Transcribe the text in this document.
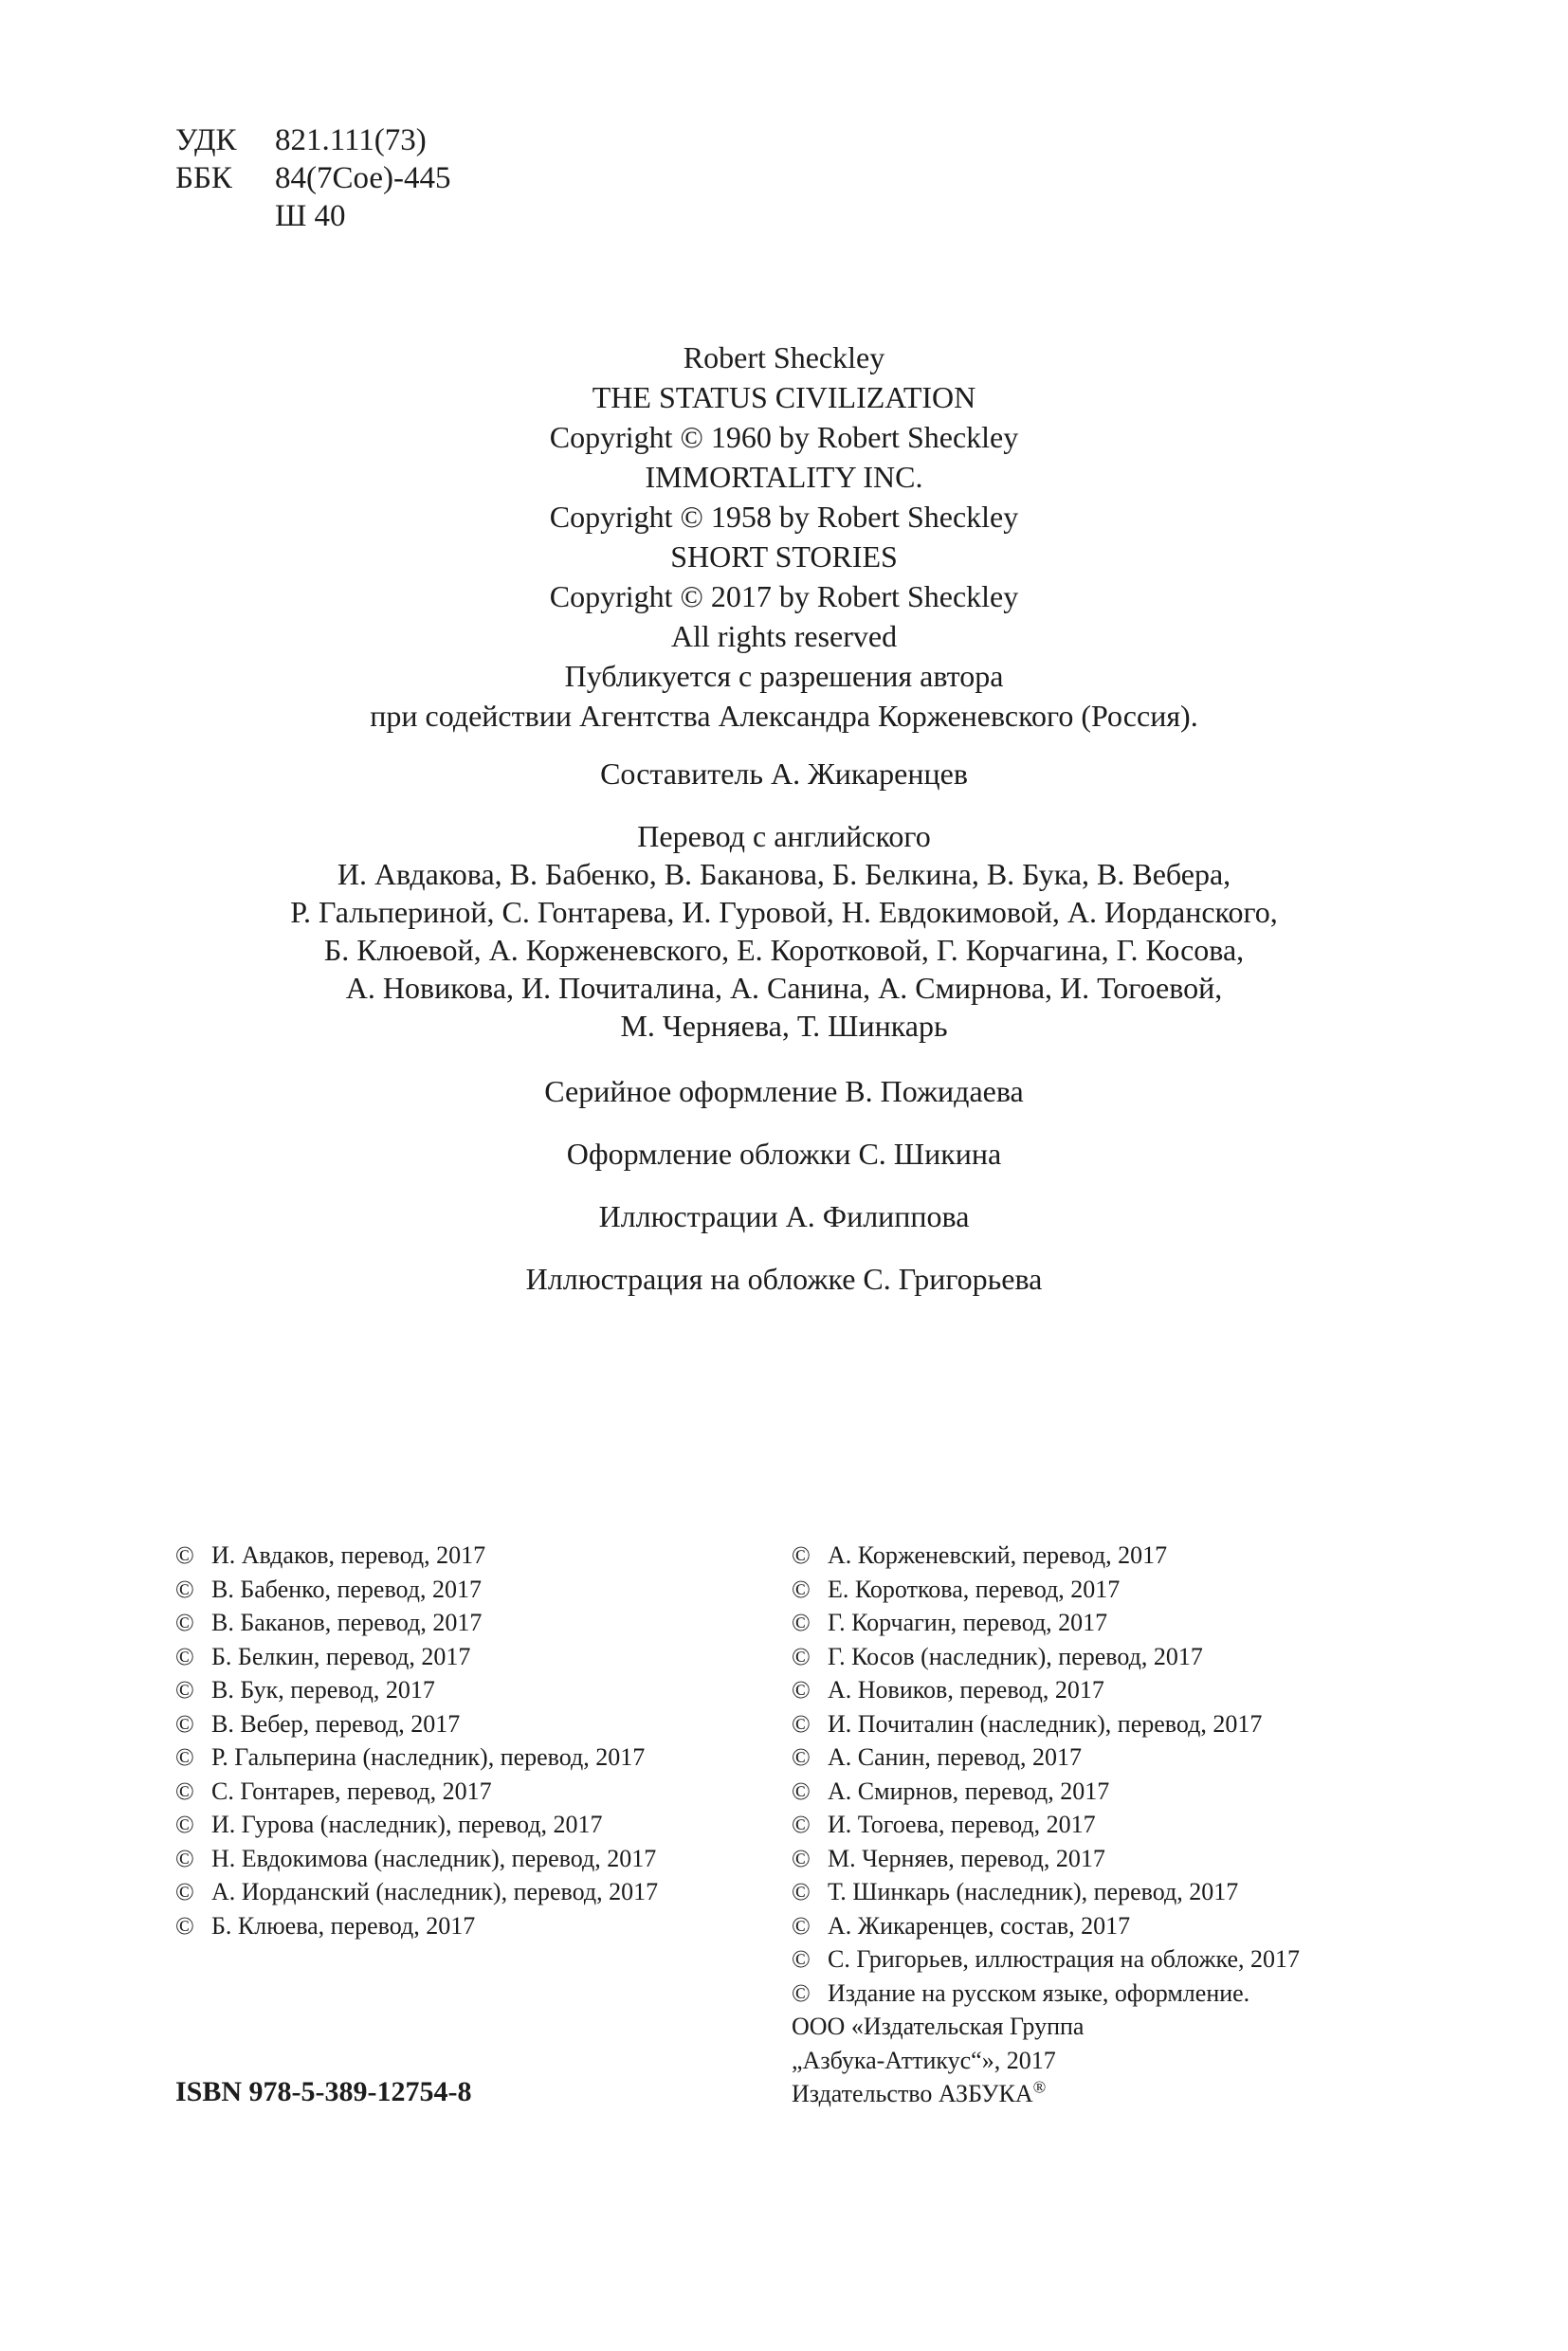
УДК 821.111(73)
ББК 84(7Сое)-445
Ш 40
Robert Sheckley
THE STATUS CIVILIZATION
Copyright © 1960 by Robert Sheckley
IMMORTALITY INC.
Copyright © 1958 by Robert Sheckley
SHORT STORIES
Copyright © 2017 by Robert Sheckley
All rights reserved
Публикуется с разрешения автора
при содействии Агентства Александра Корженевского (Россия).
Составитель А. Жикаренцев
Перевод с английского
И. Авдакова, В. Бабенко, В. Баканова, Б. Белкина, В. Бука, В. Вебера,
Р. Гальпериной, С. Гонтарева, И. Гуровой, Н. Евдокимовой, А. Иорданского,
Б. Клюевой, А. Корженевского, Е. Коротковой, Г. Корчагина, Г. Косова,
А. Новикова, И. Почиталина, А. Санина, А. Смирнова, И. Тогоевой,
М. Черняева, Т. Шинкарь
Серийное оформление В. Пожидаева
Оформление обложки С. Шикина
Иллюстрации А. Филиппова
Иллюстрация на обложке С. Григорьева
© И. Авдаков, перевод, 2017
© В. Бабенко, перевод, 2017
© В. Баканов, перевод, 2017
© Б. Белкин, перевод, 2017
© В. Бук, перевод, 2017
© В. Вебер, перевод, 2017
© Р. Гальперина (наследник), перевод, 2017
© С. Гонтарев, перевод, 2017
© И. Гурова (наследник), перевод, 2017
© Н. Евдокимова (наследник), перевод, 2017
© А. Иорданский (наследник), перевод, 2017
© Б. Клюева, перевод, 2017
© А. Корженевский, перевод, 2017
© Е. Короткова, перевод, 2017
© Г. Корчагин, перевод, 2017
© Г. Косов (наследник), перевод, 2017
© А. Новиков, перевод, 2017
© И. Почиталин (наследник), перевод, 2017
© А. Санин, перевод, 2017
© А. Смирнов, перевод, 2017
© И. Тогоева, перевод, 2017
© М. Черняев, перевод, 2017
© Т. Шинкарь (наследник), перевод, 2017
© А. Жикаренцев, состав, 2017
© С. Григорьев, иллюстрация на обложке, 2017
© Издание на русском языке, оформление.
ООО «Издательская Группа
„Азбука-Аттикус“», 2017
Издательство АЗБУКА®
ISBN 978-5-389-12754-8
